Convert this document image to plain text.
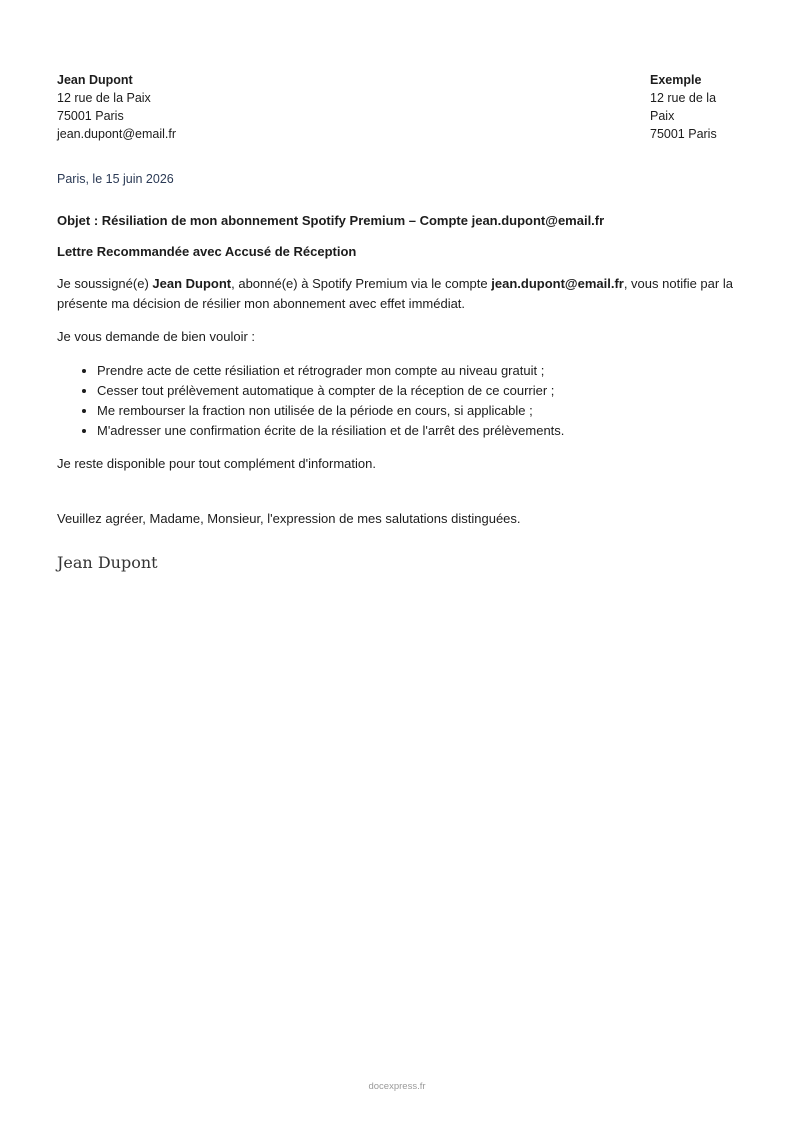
Jean Dupont
12 rue de la Paix
75001 Paris
jean.dupont@email.fr
Exemple
12 rue de la Paix
75001 Paris
Paris, le 15 juin 2026
Objet : Résiliation de mon abonnement Spotify Premium – Compte jean.dupont@email.fr
Lettre Recommandée avec Accusé de Réception
Je soussigné(e) Jean Dupont, abonné(e) à Spotify Premium via le compte jean.dupont@email.fr, vous notifie par la présente ma décision de résilier mon abonnement avec effet immédiat.
Je vous demande de bien vouloir :
• Prendre acte de cette résiliation et rétrograder mon compte au niveau gratuit ;
• Cesser tout prélèvement automatique à compter de la réception de ce courrier ;
• Me rembourser la fraction non utilisée de la période en cours, si applicable ;
• M'adresser une confirmation écrite de la résiliation et de l'arrêt des prélèvements.
Je reste disponible pour tout complément d'information.
Veuillez agréer, Madame, Monsieur, l'expression de mes salutations distinguées.
Jean Dupont
docexpress.fr
